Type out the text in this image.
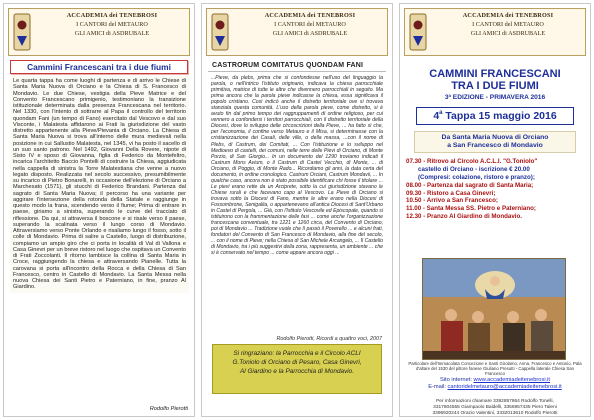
ACCADEMIA dei TENEBROSI
I CANTORI del METAURO
GLI AMICI di ASDRUBALE
Cammini Francescani tra i due fiumi
Le quarta tappa ha come luoghi di partenza e di arrivo le Chiese di Santa Maria Nuova di Orciano e la Chiesa di S. Francesco di Mondavio. Le due Chiese, vestigia della Pieve Matrice e del Convento Francescano primigenio, testimoniano la transizione istituzionale determinata dalla presenza Francescana nel territorio. Nel 1330, con l'intento di sottrarre al Papa il controllo del territorio quondam Fani (un tempo di Fano) esercitato dal Vescovo e dal suo Visconte, i Malatesta affidarono ai Frati la giurisdizione del vasto distretto appartenente alla Pieve/Pievania di Orciano. La Chiesa di Santa Maria Nuova si trova all'interno delle mura medievali nella posizione in cui Sallustio Malatesta, nel 1345, vi ha posto il sacello di un suo santo patrono. Nel 1492, Giovanni Della Rovere, nipote di Sisto IV e sposo di Giovanna, figlia di Federico da Montefeltro, incarica l'architetto Baccio Pontelli di costruire la Chiesa, aggiudicata nella cappella di sinistra la Torre Malatestiana che venne a nuovo legato disposto. Realizzata nel secolo successivo, presumibilmente su incarico di Pietro Bonarelli, in occasione dell'elezione di Orciano a Marchesato (1571), gli stucchi di Federico Brandani. Partenza dal sagrato di Santa Maria Nuova; il percorso ha una variante per aggirare l'intersezione della rotonda della Statale e raggiunge in questo modo la frana, scendendo verso il fiume; Prima di entrare in paese, giriamo a sinistra, superando le curve del tracciato di riflessione. Da qui, si attraversa il boscone e si risale verso il paese, superando la scalinata verso il lungo corso di Mondavio. Attraversiamo verso Ponte Orlando e risaliamo lungo il fosso, sotto il colle di Mondavio. Prima di salire a Castello, luogo di distribuzione, compiamo un ampio giro che ci porta in località di Val di Vallona e Casa Ginevri per un breve ristoro nel luogo che ospitava un Convento di Frati Zoccolanti. Il ritorno lambisce la collina di Santa Maria in Croce, raggiungendo la chiesa e attraversando Pianelle. Tutta la carovana si porta all'incontro della Rocca e della Chiesa di San Francesco, centro in Castello di Mondavio. La Santa Messa nella nuova Chiesa dei Santi Pietro e Paterniano, in fine, pranzo Al Giardino.
Rodolfo Pierotti
ACCADEMIA dei TENEBROSI
I CANTORI del METAURO
GLI AMICI di ASDRUBALE
CASTRORUM COMITATUS QUONDAM FANI
...Pieve, da plebs, prima che si confondesse nell'uso del linguaggio la parola, o nell'intrico l'istituto originario, indicava la chiesa parrocchiale primitiva, matrice di tutte le altre che divennero parrocchiali in seguito. Ma prima ancora che la parola pieve indicasse la chiesa, essa significava il popolo cristiano. Così indicò anche il distretto territoriale ove si trovava stanziata questa comunità. L'uso della parola pieve, come distretto, si è avuto fin dal primo tempo dei raggruppamenti di ordine religioso, per cui vennero a confondersi i territori parrocchiali, con il distretto territoriale della Diocesi, dove lo sviluppo delle circoscrizioni della Pieve, ... ha fatto sì che, per l'economia, il confine verso Metauro e il Misa, si determinasse con la cristianizzazione dei Casali, delle ville, o della massa, ...con il nome di Plebs, di Castrum, dei Comitati, ... Con l'istituzione e lo sviluppo nel Medioevo di castelli, dei comuni, nelle terre delle Pievi di Orciano, di Monte Porzio, di San Giorgio... In un documento del 1290 troviamo indicati il Castrum Mons Avium, o il Castrum di Castel Vecchio, di Monte, ... di Orciano, di Poggio, di Monte Rado... Ricordiamo gli anni, la data certa del documento, in ordine cronologico. Castrum Orciani, Castrum Mondavii, ... In qualche caso, ancora non è stato possibile identificare chi fosse il titolare ... Le pievi erano rette da un Arciprete, sotto la cui giurisdizione stavano le Chiese rurali e che facevano capo al Vescovo. La Pieve di Orciano si trovava sotto la Diocesi di Fano, mentre le altre erano nella Diocesi di Fossombrone, Senigallia, o appartenevano all'antica Diocesi di Sant'Urbano in Castel di Pergola, ... Già, con l'Istituto Vescovile ed Episcopale, quando si istituirono con la frammentazione delle fasi ... come anche l'organizzazione francescana conventuale, tra 1221 e 1260 circa, del Convento di Orciano, poi di Mondavio ... Tradizione vuole che lì passò il Poverello ... e alcuni frati, fondatori del Convento di San Francesco di Mondavio, alla fine del secolo, ... con il nome di Pieve; nella Chiesa di San Michele Arcangelo, ... Il Castello di Mondavio, tra i più suggestivi della zona, rappresenta, un ambiente ... che si è conservato nel tempo ... come appare ancora oggi ...
Rodolfo Pierotti, Ricordi a quattro voci, 2007
Si ringraziano: la Parrocchia e il Circolo ACLI
G.Toniolo di Orciano di Pesaro, Casa Ginevri,
Al Giardino e la Parrocchia di Mondavio.
ACCADEMIA dei TENEBROSI
I CANTORI del METAURO
GLI AMICI di ASDRUBALE
CAMMINI FRANCESCANI
TRA I DUE FIUMI
3ª EDIZIONE - PRIMAVERA 2016
4$^a$ Tappa 15 maggio 2016
Da Santa Maria Nuova di Orciano
a San Francesco di Mondavio
07.30 - Ritrovo al Circolo A.C.L.I. "G.Toniolo"
castello di Orciano - iscrizione € 20.00
(Compresi: colazione, ristoro e pranzo);
08.00 - Partenza dal sagrato di Santa Maria;
09.30 - Ristoro a Casa Ginevri;
10.50 - Arrivo a San Francesco;
11.00 - Santa Messa SS. Pietro e Paterniano;
12.30 - Pranzo Al Giardino di Mondavio.
Particolare dell'Immacolata Concezione e Santi Girolamo, Anna, Francesco e Antonio. Pala d'altare del 1530 del pittore fanese Giuliano Presutti - Cappella laterale Chiesa San Francesco
Sito internet: www.accademiadeitenebrosi.it
E-mail: cantoridelmetauro@accademiadeitenebrosi.it
Per informazioni chiamare 3392857864 Rodolfo Tonelli,
3317804555 Giampaolo Baldelli, 3356957435 Piero Taleni
3396920244 Orazio Valentini, 3332013610 Rodolfo Pierotti
